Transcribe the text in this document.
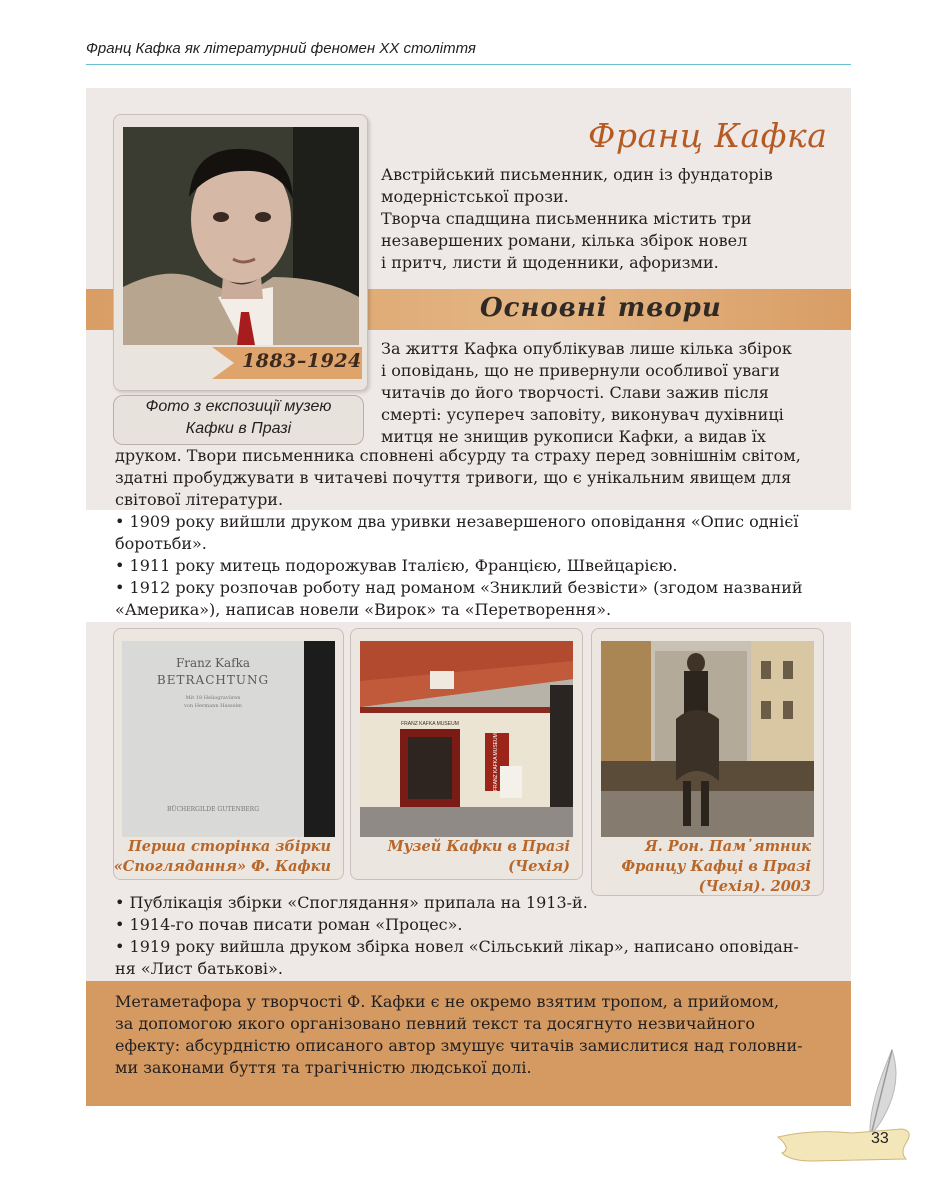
Франц Кафка як літературний феномен ХХ століття
Основні твори
1883–1924
Фото з експозиції музею
Кафки в Празі
Франц Кафка
Австрійський письменник, один із фундаторів
модерністської прози.
Творча спадщина письменника містить три
незавершених романи, кілька збірок новел
і притч, листи й щоденники, афоризми.
За життя Кафка опублікував лише кілька збірок
і оповідань, що не привернули особливої уваги
читачів до його творчості. Слави зажив після
смерті: усупереч заповіту, виконувач духівниці
митця не знищив рукописи Кафки, а видав їх
друком. Твори письменника сповнені абсурду та страху перед зовнішнім світом,
здатні пробуджувати в читачеві почуття тривоги, що є унікальним явищем для
світової літератури.
• 1909 року вийшли друком два уривки незавершеного оповідання «Опис однієї
боротьби».
• 1911 року митець подорожував Італією, Францією, Швейцарією.
• 1912 року розпочав роботу над романом «Зниклий безвісти» (згодом названий
«Америка»), написав новели «Вирок» та «Перетворення».
Franz Kafka
BETRACHTUNG
Mit 18 Heliogravüren
von Hermann Hasselm
BÜCHERGILDE GUTENBERG
Перша сторінка збірки
«Споглядання» Ф. Кафки
FRANZ KAFKA MUSEUM
FRANZ KAFKA MUSEUM
Музей Кафки в Празі
(Чехія)
Я. Рон. Пам᾿ятник
Францу Кафці в Празі
(Чехія). 2003
• Публікація збірки «Споглядання» припала на 1913-й.
• 1914-го почав писати роман «Процес».
• 1919 року вийшла друком збірка новел «Сільський лікар», написано оповідан-
ня «Лист батькові».
Метаметафора у творчості Ф. Кафки є не окремо взятим тропом, а прийомом,
за допомогою якого організовано певний текст та досягнуто незвичайного
ефекту: абсурдністю описаного автор змушує читачів замислитися над головни-
ми законами буття та трагічністю людської долі.
33
